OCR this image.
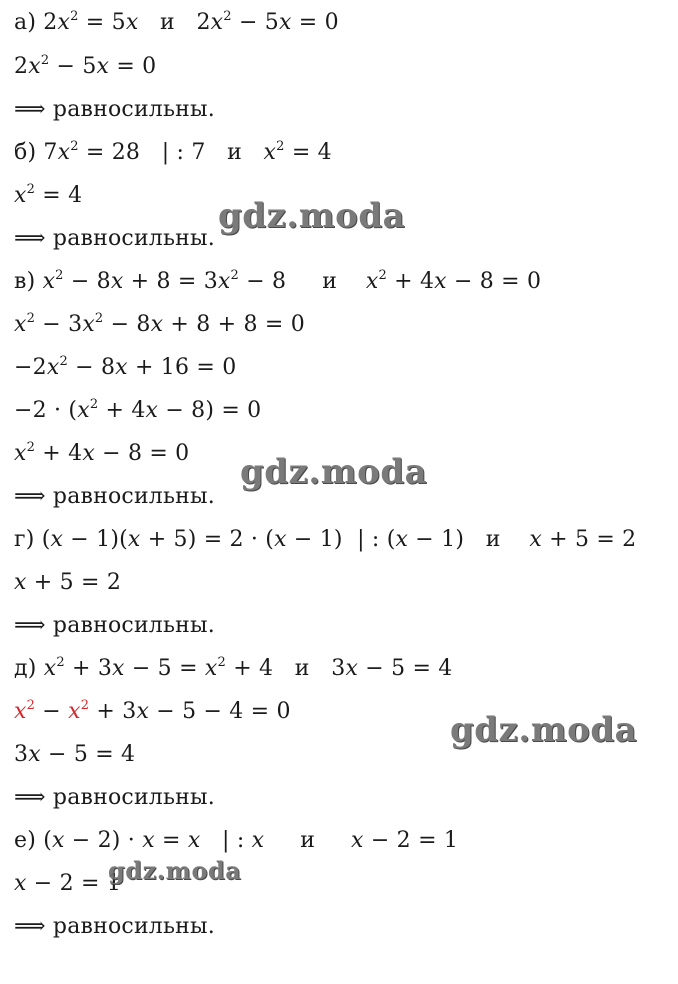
а) $2x^2 = 5x$   и   $2x^2 - 5x = 0$
$2x^2 - 5x = 0$
⟹ равносильны.
б) $7x^2 = 28$   | : 7   и   $x^2 = 4$
$x^2 = 4$
⟹ равносильны.
в) $x^2 - 8x + 8 = 3x^2 - 8$     и    $x^2 + 4x - 8 = 0$
$x^2 - 3x^2 - 8x + 8 + 8 = 0$
$-2x^2 - 8x + 16 = 0$
$-2 \cdot (x^2 + 4x - 8) = 0$
$x^2 + 4x - 8 = 0$
⟹ равносильны.
г) (x − 1)(x + 5) = 2 · (x − 1)  | : (x − 1)   и    x + 5 = 2
x + 5 = 2
⟹ равносильны.
д) $x^2 + 3x - 5 = x^2 + 4$   и   3x − 5 = 4
$x^2 - x^2 + 3x - 5 - 4 = 0$
3x − 5 = 4
⟹ равносильны.
е) (x − 2) · x = x   | : x     и     x − 2 = 1
x − 2 = 1
⟹ равносильны.
gdz.moda
gdz.moda
gdz.moda
gdz.moda
